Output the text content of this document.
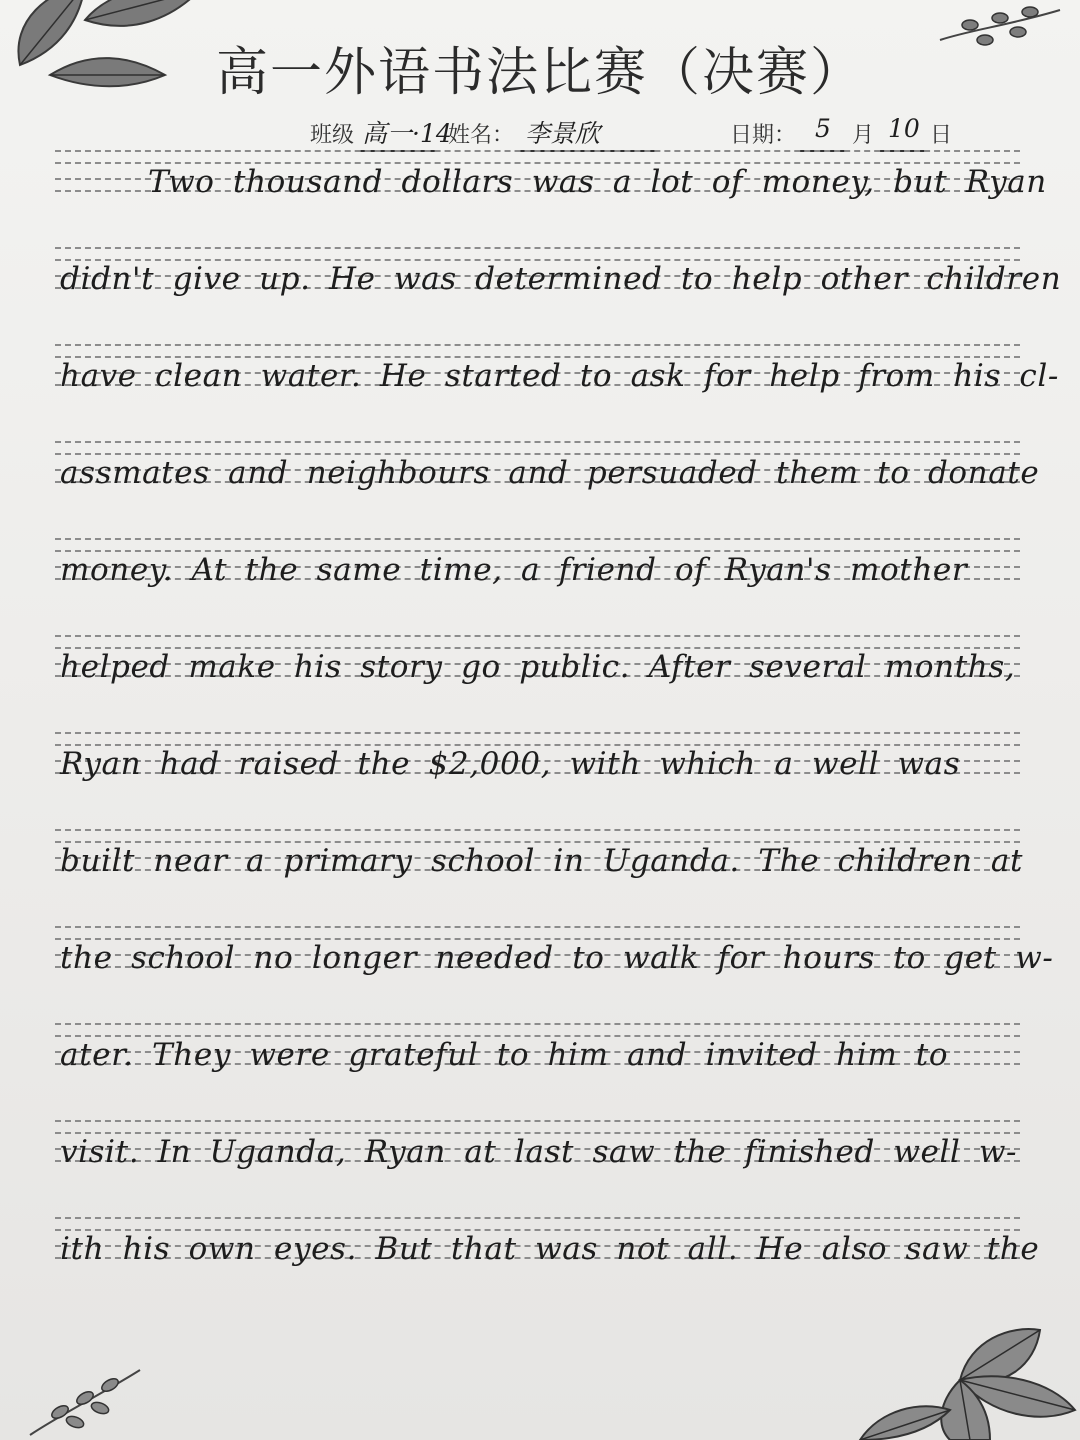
高一外语书法比赛（决赛）
班级 高一·14
姓名： 李景欣	日期： 5 月 10 日
Two thousand dollars was a lot of money, but Ryan
didn't give up. He was determined to help other children
have clean water. He started to ask for help from his cl-
assmates and neighbours and persuaded them to donate
money. At the same time, a friend of Ryan's mother
helped make his story go public. After several months,
Ryan had raised the $2,000, with which a well was
built near a primary school in Uganda. The children at
the school no longer needed to walk for hours to get w-
ater. They were grateful to him and invited him to
visit. In Uganda, Ryan at last saw the finished well w-
ith his own eyes. But that was not all. He also saw the
